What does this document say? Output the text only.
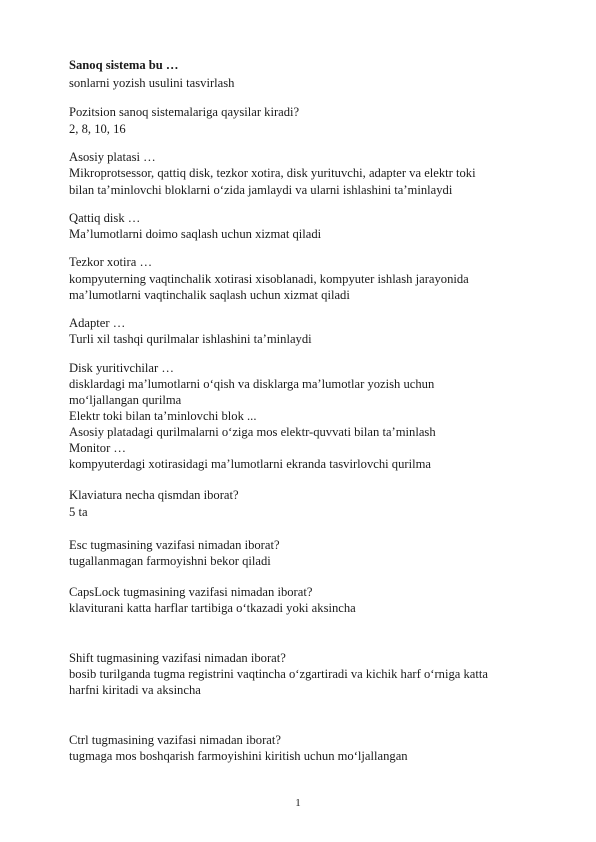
Sanoq sistema bu …
sonlarni yozish usulini tasvirlash
Pozitsion sanoq sistemalariga qaysilar kiradi?
2, 8, 10, 16
Asosiy platasi …
Mikroprotsessor, qattiq disk, tezkor xotira, disk yurituvchi, adapter va elektr toki
bilan ta’minlovchi bloklarni o‘zida jamlaydi va ularni ishlashini ta’minlaydi
Qattiq disk …
Ma’lumotlarni doimo saqlash uchun xizmat qiladi
Tezkor xotira …
kompyuterning vaqtinchalik xotirasi xisoblanadi, kompyuter ishlash jarayonida
ma’lumotlarni vaqtinchalik saqlash uchun xizmat qiladi
Adapter …
Turli xil tashqi qurilmalar ishlashini ta’minlaydi
Disk yuritivchilar …
disklardagi ma’lumotlarni o‘qish va disklarga ma’lumotlar yozish uchun
mo‘ljallangan qurilma
Elektr toki bilan ta’minlovchi blok ...
Asosiy platadagi qurilmalarni o‘ziga mos elektr-quvvati bilan ta’minlash
Monitor …
kompyuterdagi xotirasidagi ma’lumotlarni ekranda tasvirlovchi qurilma
Klaviatura necha qismdan iborat?
5 ta
Esc tugmasining vazifasi nimadan iborat?
tugallanmagan farmoyishni bekor qiladi
CapsLock tugmasining vazifasi nimadan iborat?
klaviturani katta harflar tartibiga o‘tkazadi yoki aksincha
Shift tugmasining vazifasi nimadan iborat?
bosib turilganda tugma registrini vaqtincha o‘zgartiradi va kichik harf o‘rniga katta
harfni kiritadi va aksincha
Ctrl tugmasining vazifasi nimadan iborat?
tugmaga mos boshqarish farmoyishini kiritish uchun mo‘ljallangan
1
